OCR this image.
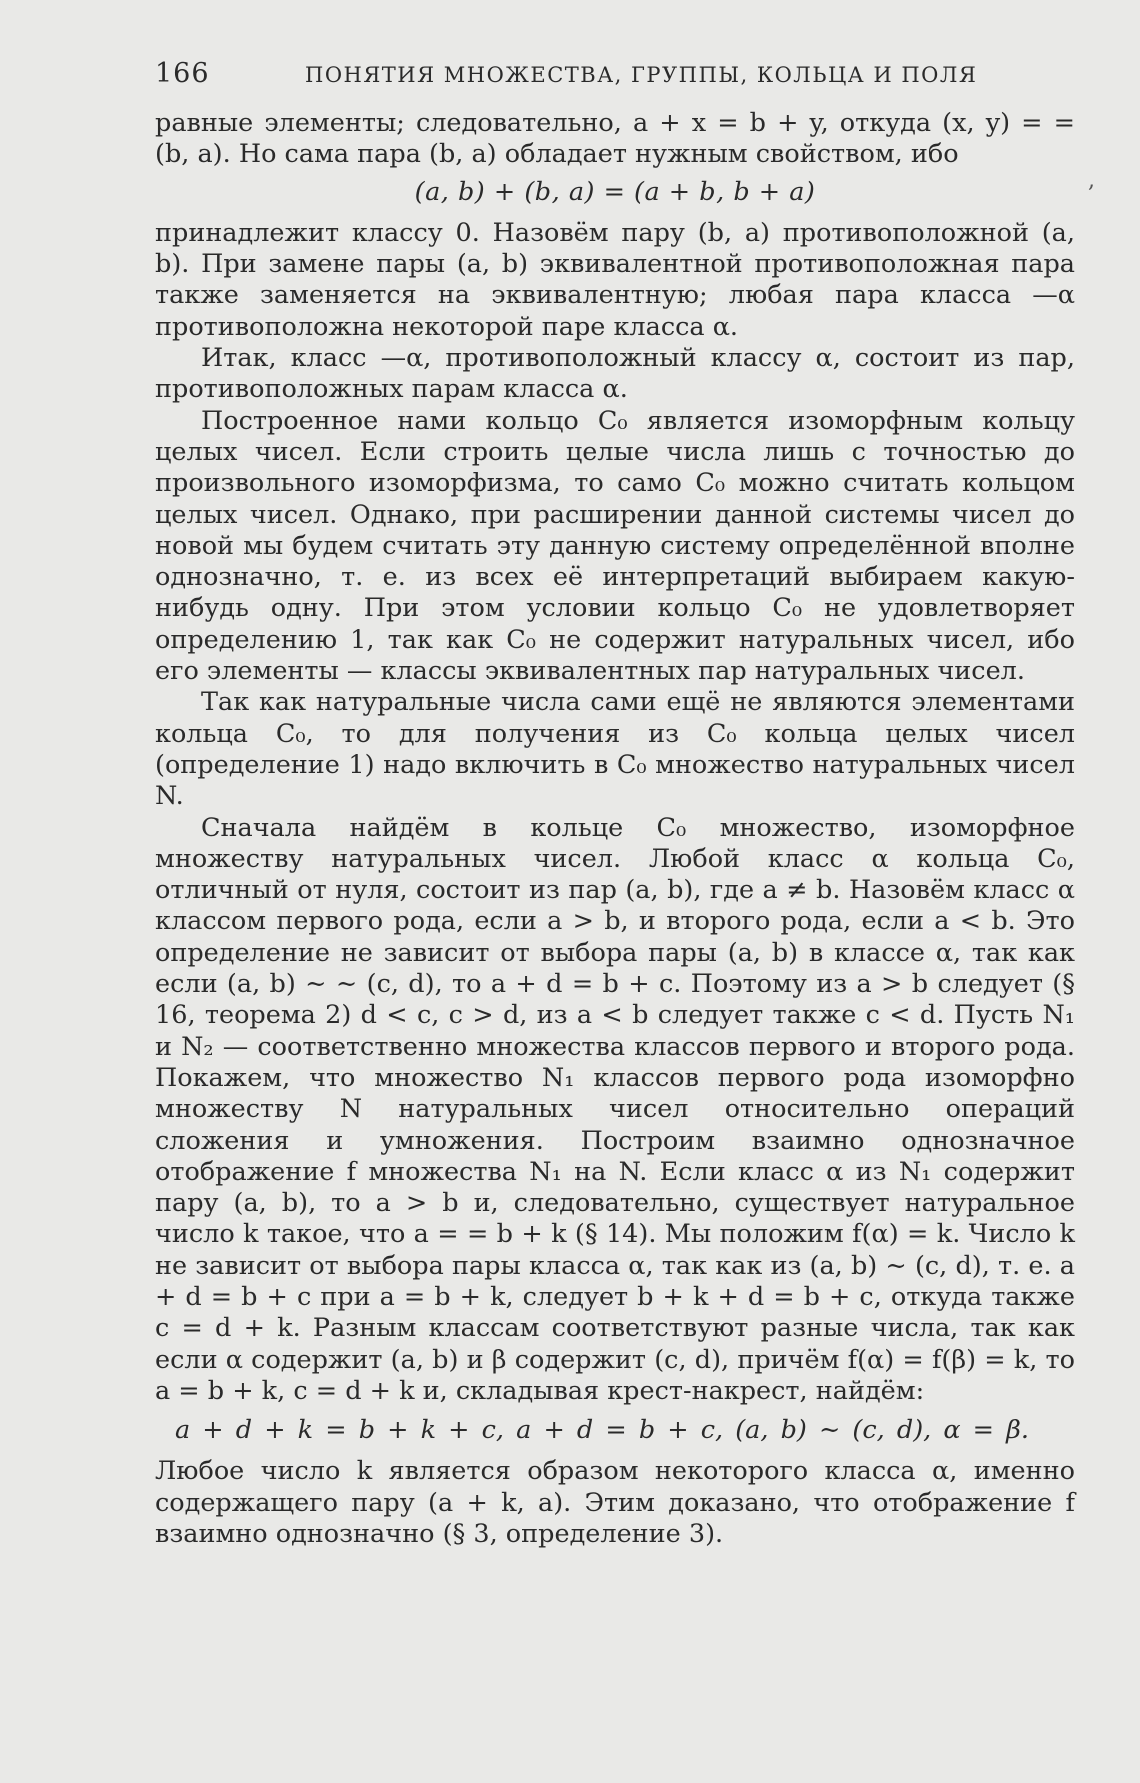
166	ПОНЯТИЯ МНОЖЕСТВА, ГРУППЫ, КОЛЬЦА И ПОЛЯ

равные элементы; следовательно, a + x = b + y, откуда (x, y) = = (b, a). Но сама пара (b, a) обладает нужным свойством, ибо

(a, b) + (b, a) = (a + b, b + a)

принадлежит классу 0. Назовём пару (b, a) противоположной (a, b). При замене пары (a, b) эквивалентной противоположная пара также заменяется на эквивалентную; любая пара класса —α противоположна некоторой паре класса α.

Итак, класс —α, противоположный классу α, состоит из пар, противоположных парам класса α.

Построенное нами кольцо C₀ является изоморфным кольцу целых чисел. Если строить целые числа лишь с точностью до произвольного изоморфизма, то само C₀ можно считать кольцом целых чисел. Однако, при расширении данной системы чисел до новой мы будем считать эту данную систему определённой вполне однозначно, т. е. из всех её интерпретаций выбираем какую-нибудь одну. При этом условии кольцо C₀ не удовлетворяет определению 1, так как C₀ не содержит натуральных чисел, ибо его элементы — классы эквивалентных пар натуральных чисел.

Так как натуральные числа сами ещё не являются элементами кольца C₀, то для получения из C₀ кольца целых чисел (определение 1) надо включить в C₀ множество натуральных чисел N.

Сначала найдём в кольце C₀ множество, изоморфное множеству натуральных чисел. Любой класс α кольца C₀, отличный от нуля, состоит из пар (a, b), где a ≠ b. Назовём класс α классом первого рода, если a > b, и второго рода, если a < b. Это определение не зависит от выбора пары (a, b) в классе α, так как если (a, b) ∼ ∼ (c, d), то a + d = b + c. Поэтому из a > b следует (§ 16, теорема 2) d < c, c > d, из a < b следует также c < d. Пусть N₁ и N₂ — соответственно множества классов первого и второго рода. Покажем, что множество N₁ классов первого рода изоморфно множеству N натуральных чисел относительно операций сложения и умножения. Построим взаимно однозначное отображение f множества N₁ на N. Если класс α из N₁ содержит пару (a, b), то a > b и, следовательно, существует натуральное число k такое, что a = = b + k (§ 14). Мы положим f(α) = k. Число k не зависит от выбора пары класса α, так как из (a, b) ∼ (c, d), т. е. a + d = b + c при a = b + k, следует b + k + d = b + c, откуда также c = d + k. Разным классам соответствуют разные числа, так как если α содержит (a, b) и β содержит (c, d), причём f(α) = f(β) = k, то a = b + k, c = d + k и, складывая крест-накрест, найдём:

a + d + k = b + k + c, a + d = b + c, (a, b) ∼ (c, d), α = β.

Любое число k является образом некоторого класса α, именно содержащего пару (a + k, a). Этим доказано, что отображение f взаимно однозначно (§ 3, определение 3).

,
